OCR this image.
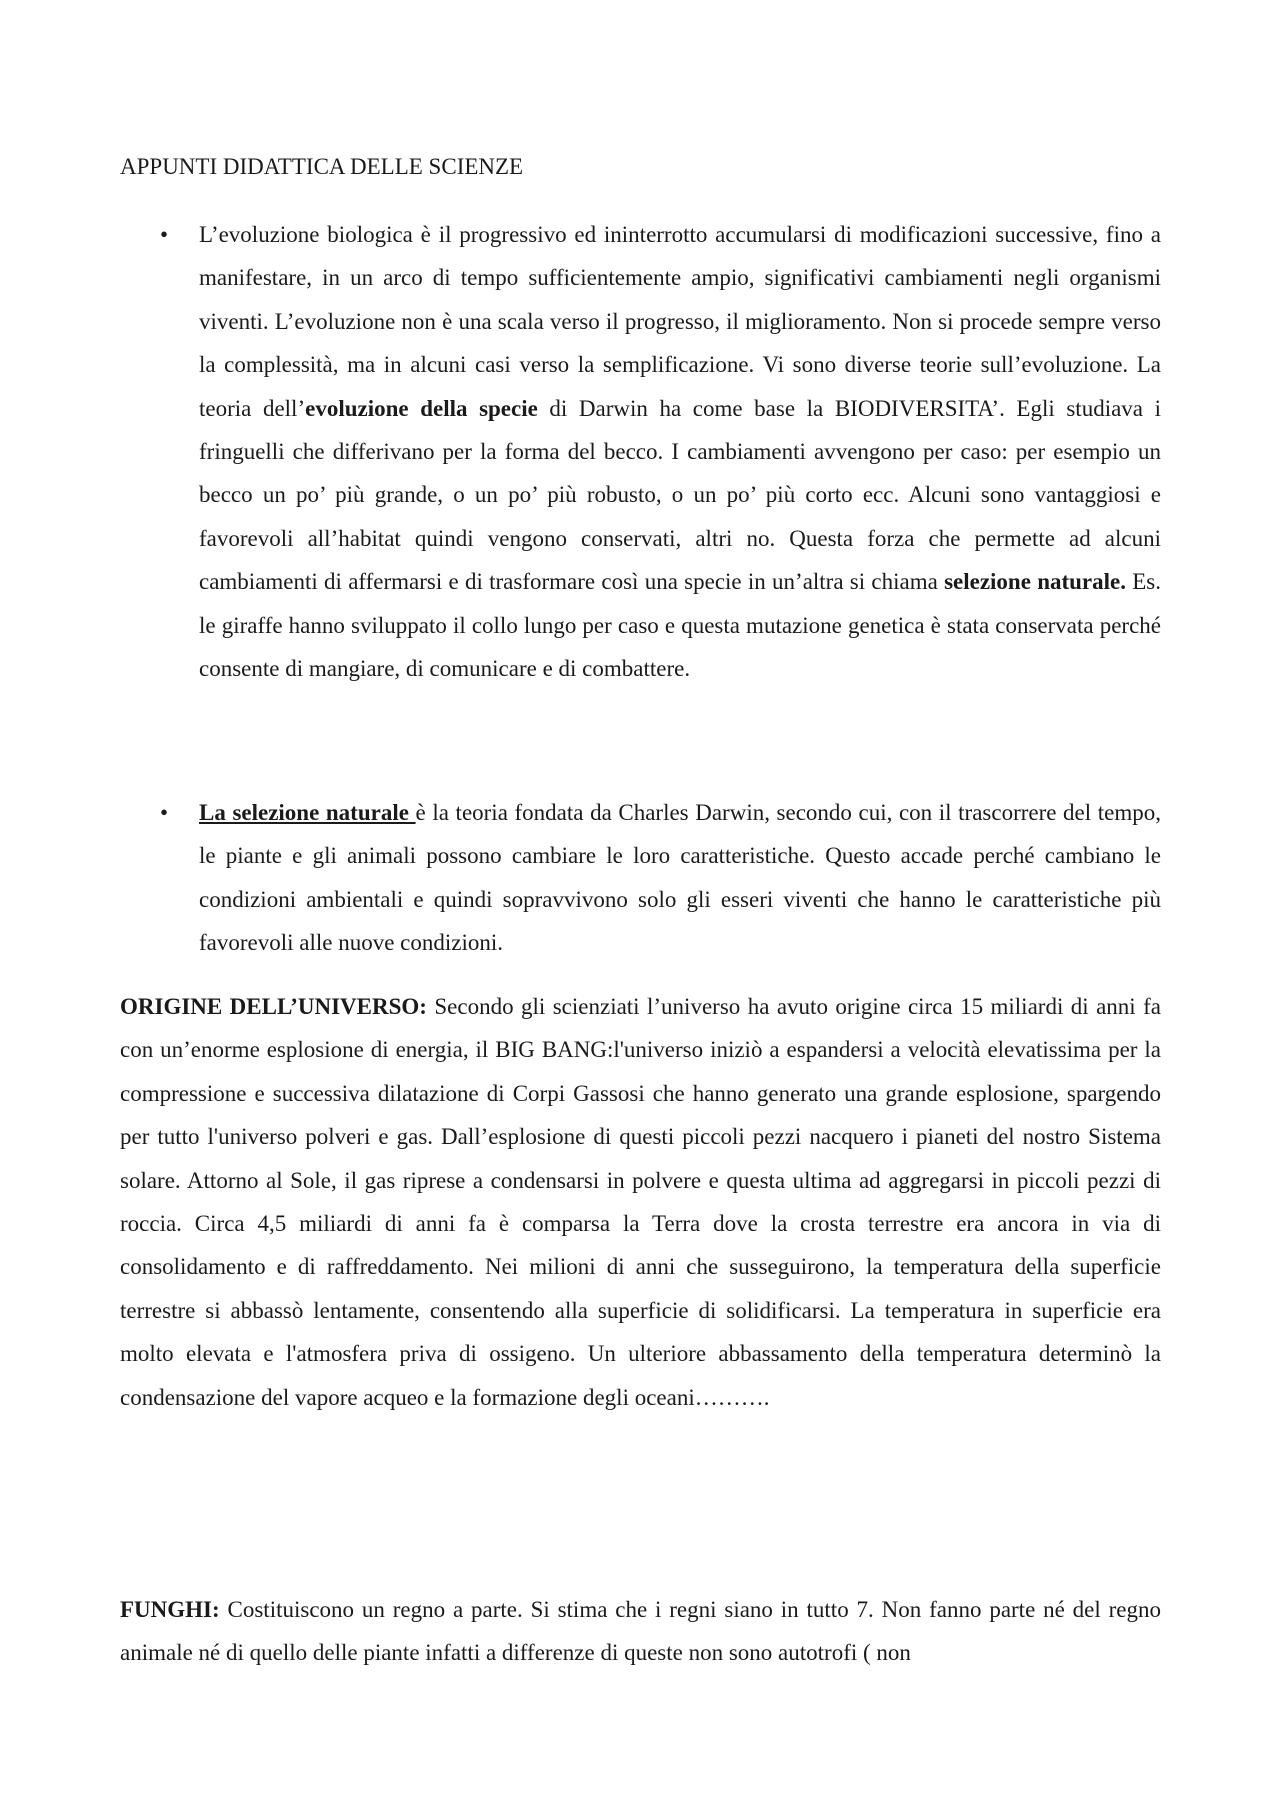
APPUNTI DIDATTICA DELLE SCIENZE
• L’evoluzione biologica è il progressivo ed ininterrotto accumularsi di modificazioni successive, fino a manifestare, in un arco di tempo sufficientemente ampio, significativi cambiamenti negli organismi viventi. L’evoluzione non è una scala verso il progresso, il miglioramento. Non si procede sempre verso la complessità, ma in alcuni casi verso la semplificazione. Vi sono diverse teorie sull’evoluzione. La teoria dell’evoluzione della specie di Darwin ha come base la BIODIVERSITA’. Egli studiava i fringuelli che differivano per la forma del becco. I cambiamenti avvengono per caso: per esempio un becco un po’ più grande, o un po’ più robusto, o un po’ più corto ecc. Alcuni sono vantaggiosi e favorevoli all’habitat quindi vengono conservati, altri no. Questa forza che permette ad alcuni cambiamenti di affermarsi e di trasformare così una specie in un’altra si chiama selezione naturale. Es. le giraffe hanno sviluppato il collo lungo per caso e questa mutazione genetica è stata conservata perché consente di mangiare, di comunicare e di combattere.
• La selezione naturale è la teoria fondata da Charles Darwin, secondo cui, con il trascorrere del tempo, le piante e gli animali possono cambiare le loro caratteristiche. Questo accade perché cambiano le condizioni ambientali e quindi sopravvivono solo gli esseri viventi che hanno le caratteristiche più favorevoli alle nuove condizioni.
ORIGINE DELL’UNIVERSO: Secondo gli scienziati l’universo ha avuto origine circa 15 miliardi di anni fa con un’enorme esplosione di energia, il BIG BANG:l'universo iniziò a espandersi a velocità elevatissima per la compressione e successiva dilatazione di Corpi Gassosi che hanno generato una grande esplosione, spargendo per tutto l'universo polveri e gas. Dall’esplosione di questi piccoli pezzi nacquero i pianeti del nostro Sistema solare. Attorno al Sole, il gas riprese a condensarsi in polvere e questa ultima ad aggregarsi in piccoli pezzi di roccia. Circa 4,5 miliardi di anni fa è comparsa la Terra dove la crosta terrestre era ancora in via di consolidamento e di raffreddamento. Nei milioni di anni che susseguirono, la temperatura della superficie terrestre si abbassò lentamente, consentendo alla superficie di solidificarsi. La temperatura in superficie era molto elevata e l'atmosfera priva di ossigeno. Un ulteriore abbassamento della temperatura determinò la condensazione del vapore acqueo e la formazione degli oceani……….
FUNGHI: Costituiscono un regno a parte. Si stima che i regni siano in tutto 7. Non fanno parte né del regno animale né di quello delle piante infatti a differenze di queste non sono autotrofi ( non
